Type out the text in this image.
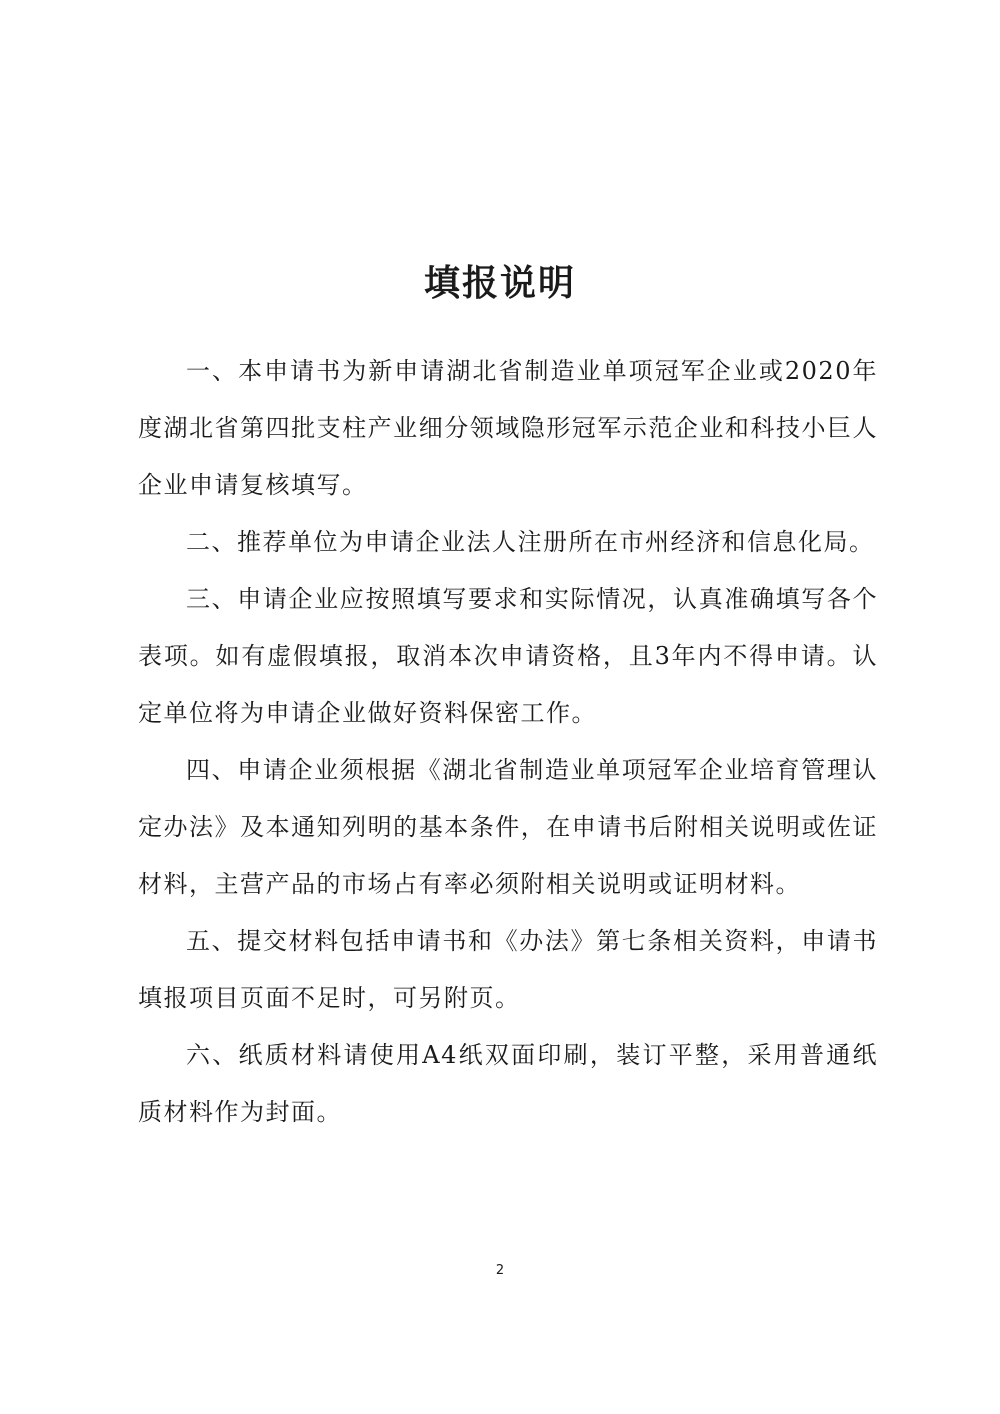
填报说明

一、本申请书为新申请湖北省制造业单项冠军企业或2020年度湖北省第四批支柱产业细分领域隐形冠军示范企业和科技小巨人企业申请复核填写。

二、推荐单位为申请企业法人注册所在市州经济和信息化局。

三、申请企业应按照填写要求和实际情况，认真准确填写各个表项。如有虚假填报，取消本次申请资格，且3年内不得申请。认定单位将为申请企业做好资料保密工作。

四、申请企业须根据《湖北省制造业单项冠军企业培育管理认定办法》及本通知列明的基本条件，在申请书后附相关说明或佐证材料，主营产品的市场占有率必须附相关说明或证明材料。

五、提交材料包括申请书和《办法》第七条相关资料，申请书填报项目页面不足时，可另附页。

六、纸质材料请使用A4纸双面印刷，装订平整，采用普通纸质材料作为封面。

2
